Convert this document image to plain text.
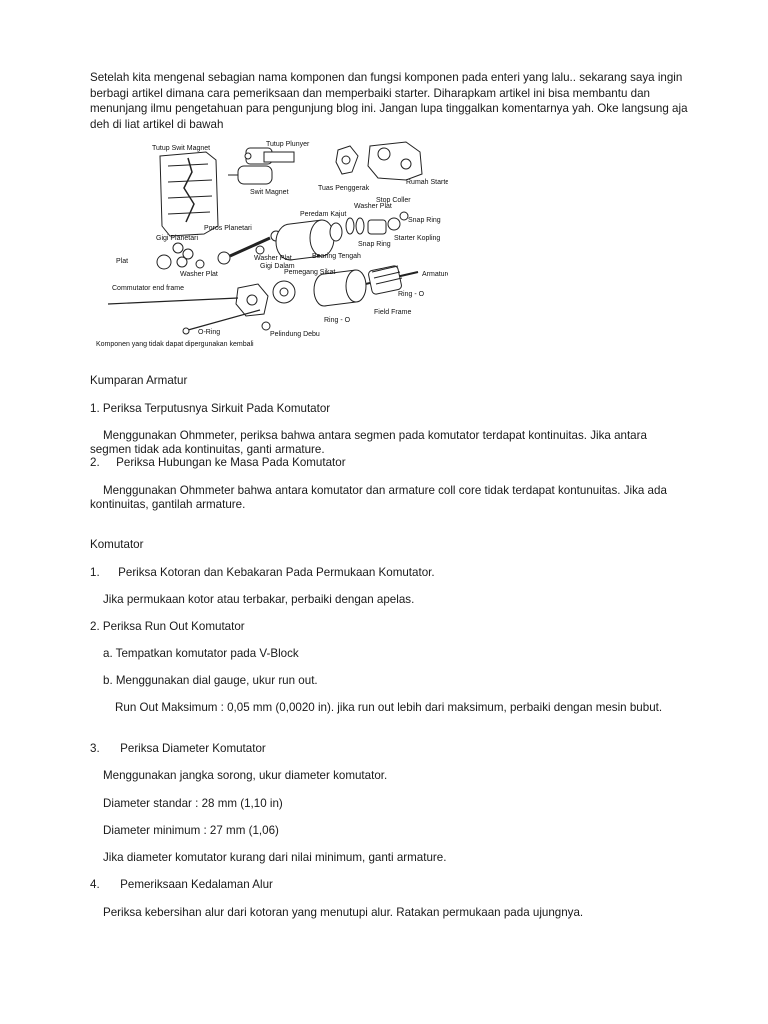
Setelah kita mengenal sebagian nama komponen dan fungsi komponen pada enteri yang lalu.. sekarang saya ingin berbagi artikel dimana cara pemeriksaan dan memperbaiki starter. Diharapkam artikel ini bisa membantu dan menunjang ilmu pengetahuan para pengunjung blog ini. Jangan lupa tinggalkan komentarnya yah. Oke langsung aja deh di liat artikel di bawah

Tutup Swit Magnet
Tutup Plunyer
Swit Magnet
Tuas Penggerak
Rumah Starter
Washer Plat
Stop Coller
Peredam Kajut
Snap Ring
Poros Planetari
Starter Kopling
Gigi Planetari
Snap Ring
Bearing Tengah
Plat	Washer Plat
Gigi Dalam
Washer Plat	Pemegang Sikat	Armature
Commutator end frame
Ring - O
Ring - O
Field Frame
O-Ring	Pelindung Debu
Komponen yang tidak dapat dipergunakan kembali

Kumparan Armatur

1. Periksa Terputusnya Sirkuit Pada Komutator

Menggunakan Ohmmeter, periksa bahwa antara segmen pada komutator terdapat kontinuitas. Jika antara segmen tidak ada kontinuitas, ganti armature.

2. Periksa Hubungan ke Masa Pada Komutator

Menggunakan Ohmmeter bahwa antara komutator dan armature coll core tidak terdapat kontunuitas. Jika ada kontinuitas, gantilah armature.

Komutator

1. Periksa Kotoran dan Kebakaran Pada Permukaan Komutator.

Jika permukaan kotor atau terbakar, perbaiki dengan apelas.

2. Periksa Run Out Komutator

a. Tempatkan komutator pada V-Block

b. Menggunakan dial gauge, ukur run out.

Run Out Maksimum : 0,05 mm (0,0020 in). jika run out lebih dari maksimum, perbaiki dengan mesin bubut.

3. Periksa Diameter Komutator

Menggunakan jangka sorong, ukur diameter komutator.

Diameter standar : 28 mm (1,10 in)

Diameter minimum : 27 mm (1,06)

Jika diameter komutator kurang dari nilai minimum, ganti armature.

4. Pemeriksaan Kedalaman Alur

Periksa kebersihan alur dari kotoran yang menutupi alur. Ratakan permukaan pada ujungnya.
